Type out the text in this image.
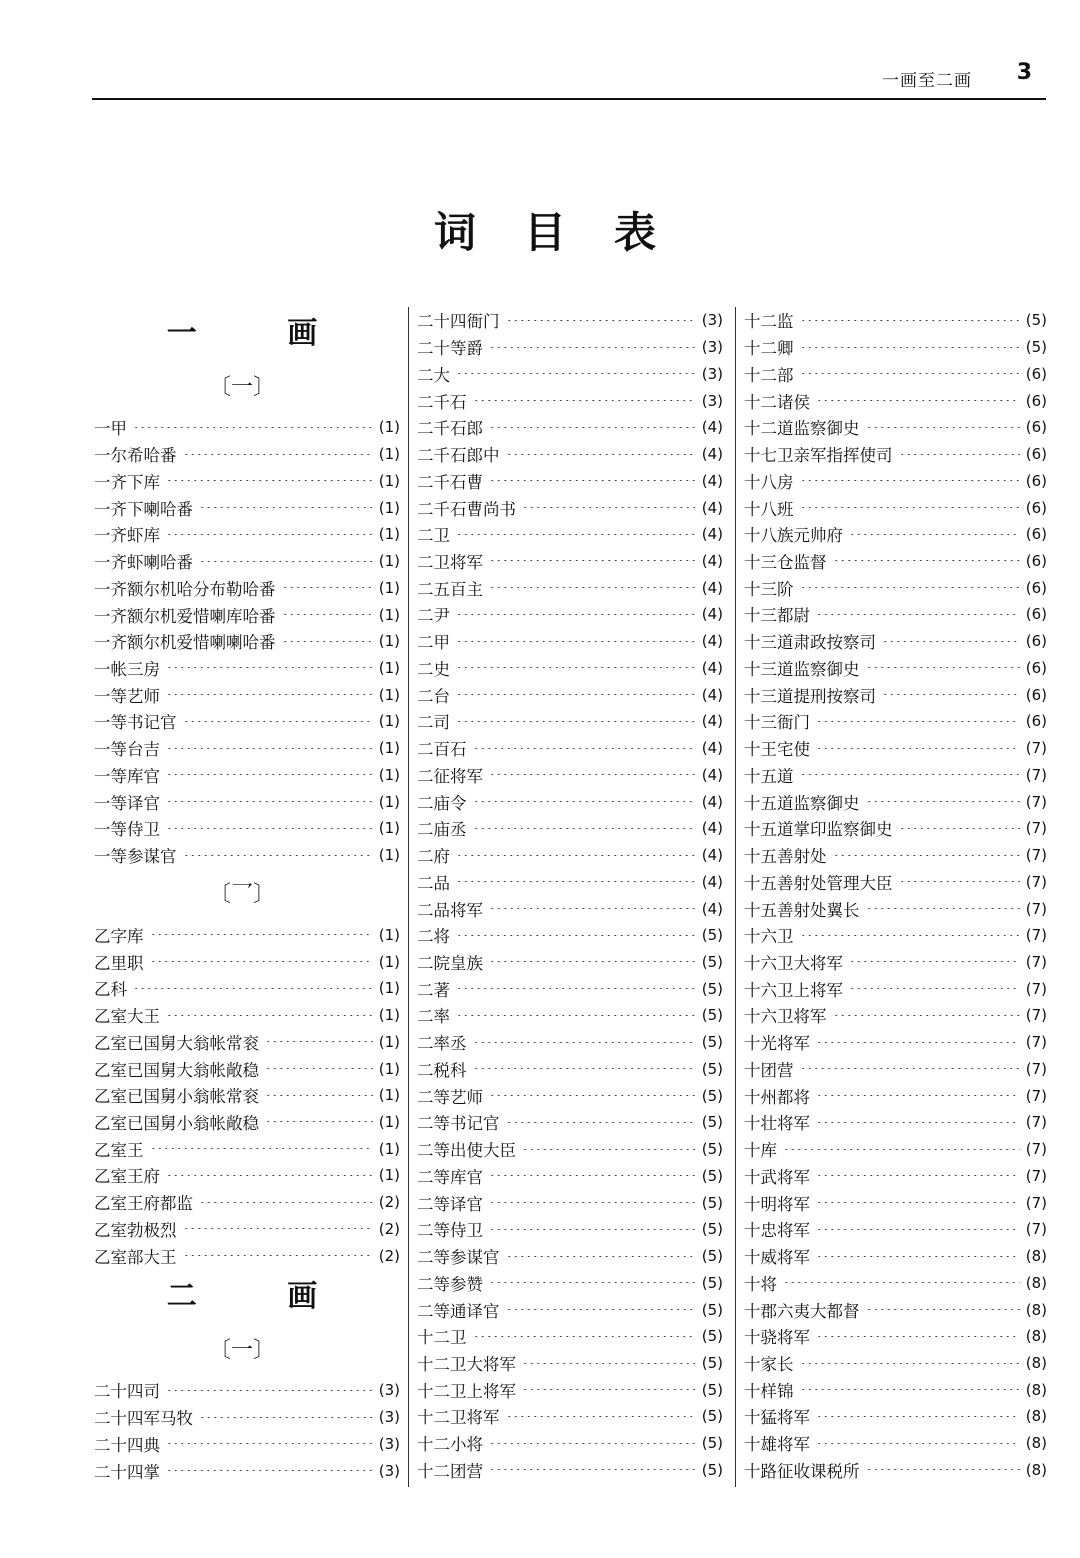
一画至二画 3
词目表
一 画
〔一〕
一甲	(1)
一尔希哈番	(1)
一齐下库	(1)
一齐下喇哈番	(1)
一齐虾库	(1)
一齐虾喇哈番	(1)
一齐额尔机哈分布勒哈番	(1)
一齐额尔机爱惜喇库哈番	(1)
一齐额尔机爱惜喇喇哈番	(1)
一帐三房	(1)
一等艺师	(1)
一等书记官	(1)
一等台吉	(1)
一等库官	(1)
一等译官	(1)
一等侍卫	(1)
一等参谋官	(1)
〔乛〕
乙字库	(1)
乙里职	(1)
乙科	(1)
乙室大王	(1)
乙室已国舅大翁帐常衮	(1)
乙室已国舅大翁帐敞稳	(1)
乙室已国舅小翁帐常衮	(1)
乙室已国舅小翁帐敞稳	(1)
乙室王	(1)
乙室王府	(1)
乙室王府都监	(2)
乙室勃极烈	(2)
乙室部大王	(2)
二 画
〔一〕
二十四司	(3)
二十四军马牧	(3)
二十四典	(3)
二十四掌	(3)
二十四衙门	(3)
二十等爵	(3)
二大	(3)
二千石	(3)
二千石郎	(4)
二千石郎中	(4)
二千石曹	(4)
二千石曹尚书	(4)
二卫	(4)
二卫将军	(4)
二五百主	(4)
二尹	(4)
二甲	(4)
二史	(4)
二台	(4)
二司	(4)
二百石	(4)
二征将军	(4)
二庙令	(4)
二庙丞	(4)
二府	(4)
二品	(4)
二品将军	(4)
二将	(5)
二院皇族	(5)
二著	(5)
二率	(5)
二率丞	(5)
二税科	(5)
二等艺师	(5)
二等书记官	(5)
二等出使大臣	(5)
二等库官	(5)
二等译官	(5)
二等侍卫	(5)
二等参谋官	(5)
二等参赞	(5)
二等通译官	(5)
十二卫	(5)
十二卫大将军	(5)
十二卫上将军	(5)
十二卫将军	(5)
十二小将	(5)
十二团营	(5)
十二监	(5)
十二卿	(5)
十二部	(6)
十二诸侯	(6)
十二道监察御史	(6)
十七卫亲军指挥使司	(6)
十八房	(6)
十八班	(6)
十八族元帅府	(6)
十三仓监督	(6)
十三阶	(6)
十三都尉	(6)
十三道肃政按察司	(6)
十三道监察御史	(6)
十三道提刑按察司	(6)
十三衙门	(6)
十王宅使	(7)
十五道	(7)
十五道监察御史	(7)
十五道掌印监察御史	(7)
十五善射处	(7)
十五善射处管理大臣	(7)
十五善射处翼长	(7)
十六卫	(7)
十六卫大将军	(7)
十六卫上将军	(7)
十六卫将军	(7)
十光将军	(7)
十团营	(7)
十州都将	(7)
十壮将军	(7)
十库	(7)
十武将军	(7)
十明将军	(7)
十忠将军	(7)
十威将军	(8)
十将	(8)
十郡六夷大都督	(8)
十骁将军	(8)
十家长	(8)
十样锦	(8)
十猛将军	(8)
十雄将军	(8)
十路征收课税所	(8)
